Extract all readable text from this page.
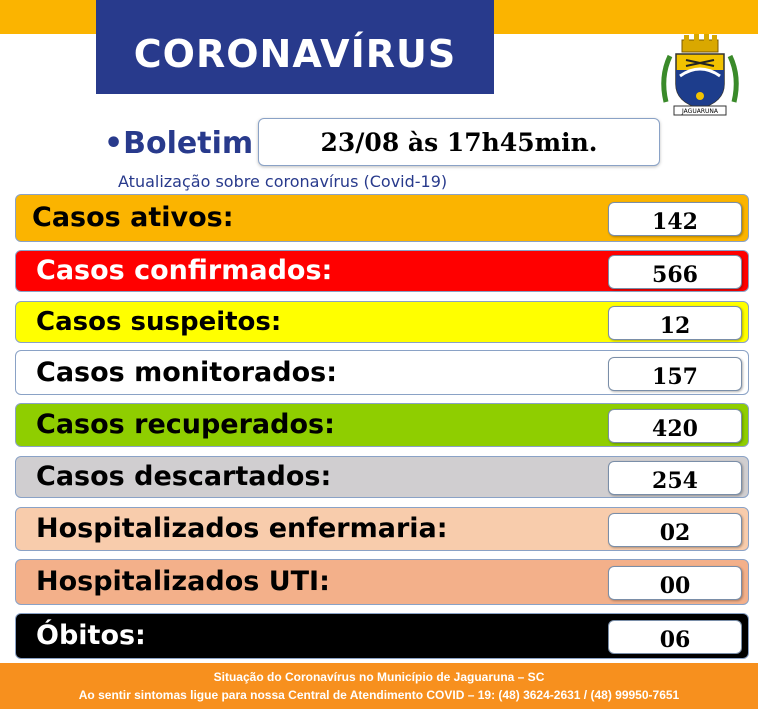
CORONAVÍRUS
JAGUARUNA
•Boletim	23/08 às 17h45min.
Atualização sobre coronavírus (Covid-19)
Casos ativos:	142
Casos confirmados:	566
Casos suspeitos:	12
Casos monitorados:	157
Casos recuperados:	420
Casos descartados:	254
Hospitalizados enfermaria:	02
Hospitalizados UTI:	00
Óbitos:	06
Situação do Coronavírus no Município de Jaguaruna – SC
Ao sentir sintomas ligue para nossa Central de Atendimento COVID – 19: (48) 3624-2631 / (48) 99950-7651
